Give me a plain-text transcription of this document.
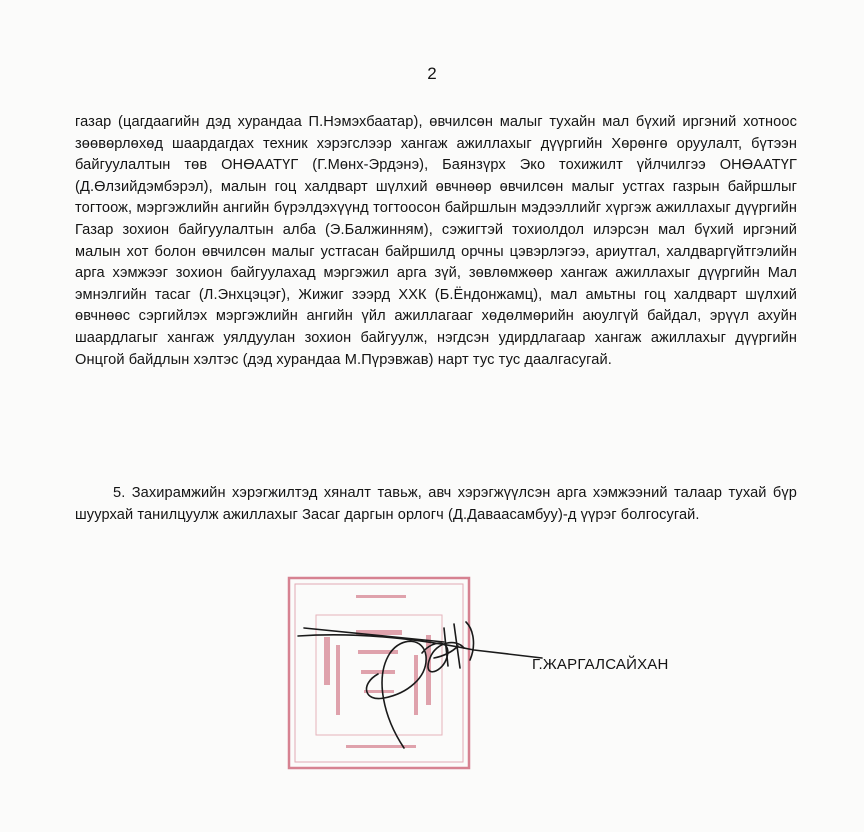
2

газар (цагдаагийн дэд хурандаа П.Нэмэхбаатар), өвчилсөн малыг тухайн мал бүхий иргэний хотноос зөөвөрлөхөд шаардагдах техник хэрэгслээр хангаж ажиллахыг дүүргийн Хөрөнгө оруулалт, бүтээн байгуулалтын төв ОНӨААТҮГ (Г.Мөнх-Эрдэнэ), Баянзүрх Эко тохижилт үйлчилгээ ОНӨААТҮГ (Д.Өлзийдэмбэрэл), малын гоц халдварт шүлхий өвчнөөр өвчилсөн малыг устгах газрын байршлыг тогтоож, мэргэжлийн ангийн бүрэлдэхүүнд тогтоосон байршлын мэдээллийг хүргэж ажиллахыг дүүргийн Газар зохион байгуулалтын алба (Э.Балжинням), сэжигтэй тохиолдол илэрсэн мал бүхий иргэний малын хот болон өвчилсөн малыг устгасан байршилд орчны цэвэрлэгээ, ариутгал, халдваргүйтгэлийн арга хэмжээг зохион байгуулахад мэргэжил арга зүй, зөвлөмжөөр хангаж ажиллахыг дүүргийн Мал эмнэлгийн тасаг (Л.Энхцэцэг), Жижиг зээрд ХХК (Б.Ёндонжамц), мал амьтны гоц халдварт шүлхий өвчнөөс сэргийлэх мэргэжлийн ангийн үйл ажиллагааг хөдөлмөрийн аюулгүй байдал, эрүүл ахуйн шаардлагыг хангаж уялдуулан зохион байгуулж, нэгдсэн удирдлагаар хангаж ажиллахыг дүүргийн Онцгой байдлын хэлтэс (дэд хурандаа М.Пүрэвжав) нарт тус тус даалгасугай.

5. Захирамжийн хэрэгжилтэд хяналт тавьж, авч хэрэгжүүлсэн арга хэмжээний талаар тухай бүр шуурхай танилцуулж ажиллахыг Засаг даргын орлогч (Д.Даваасамбуу)-д үүрэг болгосугай.

Г.ЖАРГАЛСАЙХАН
